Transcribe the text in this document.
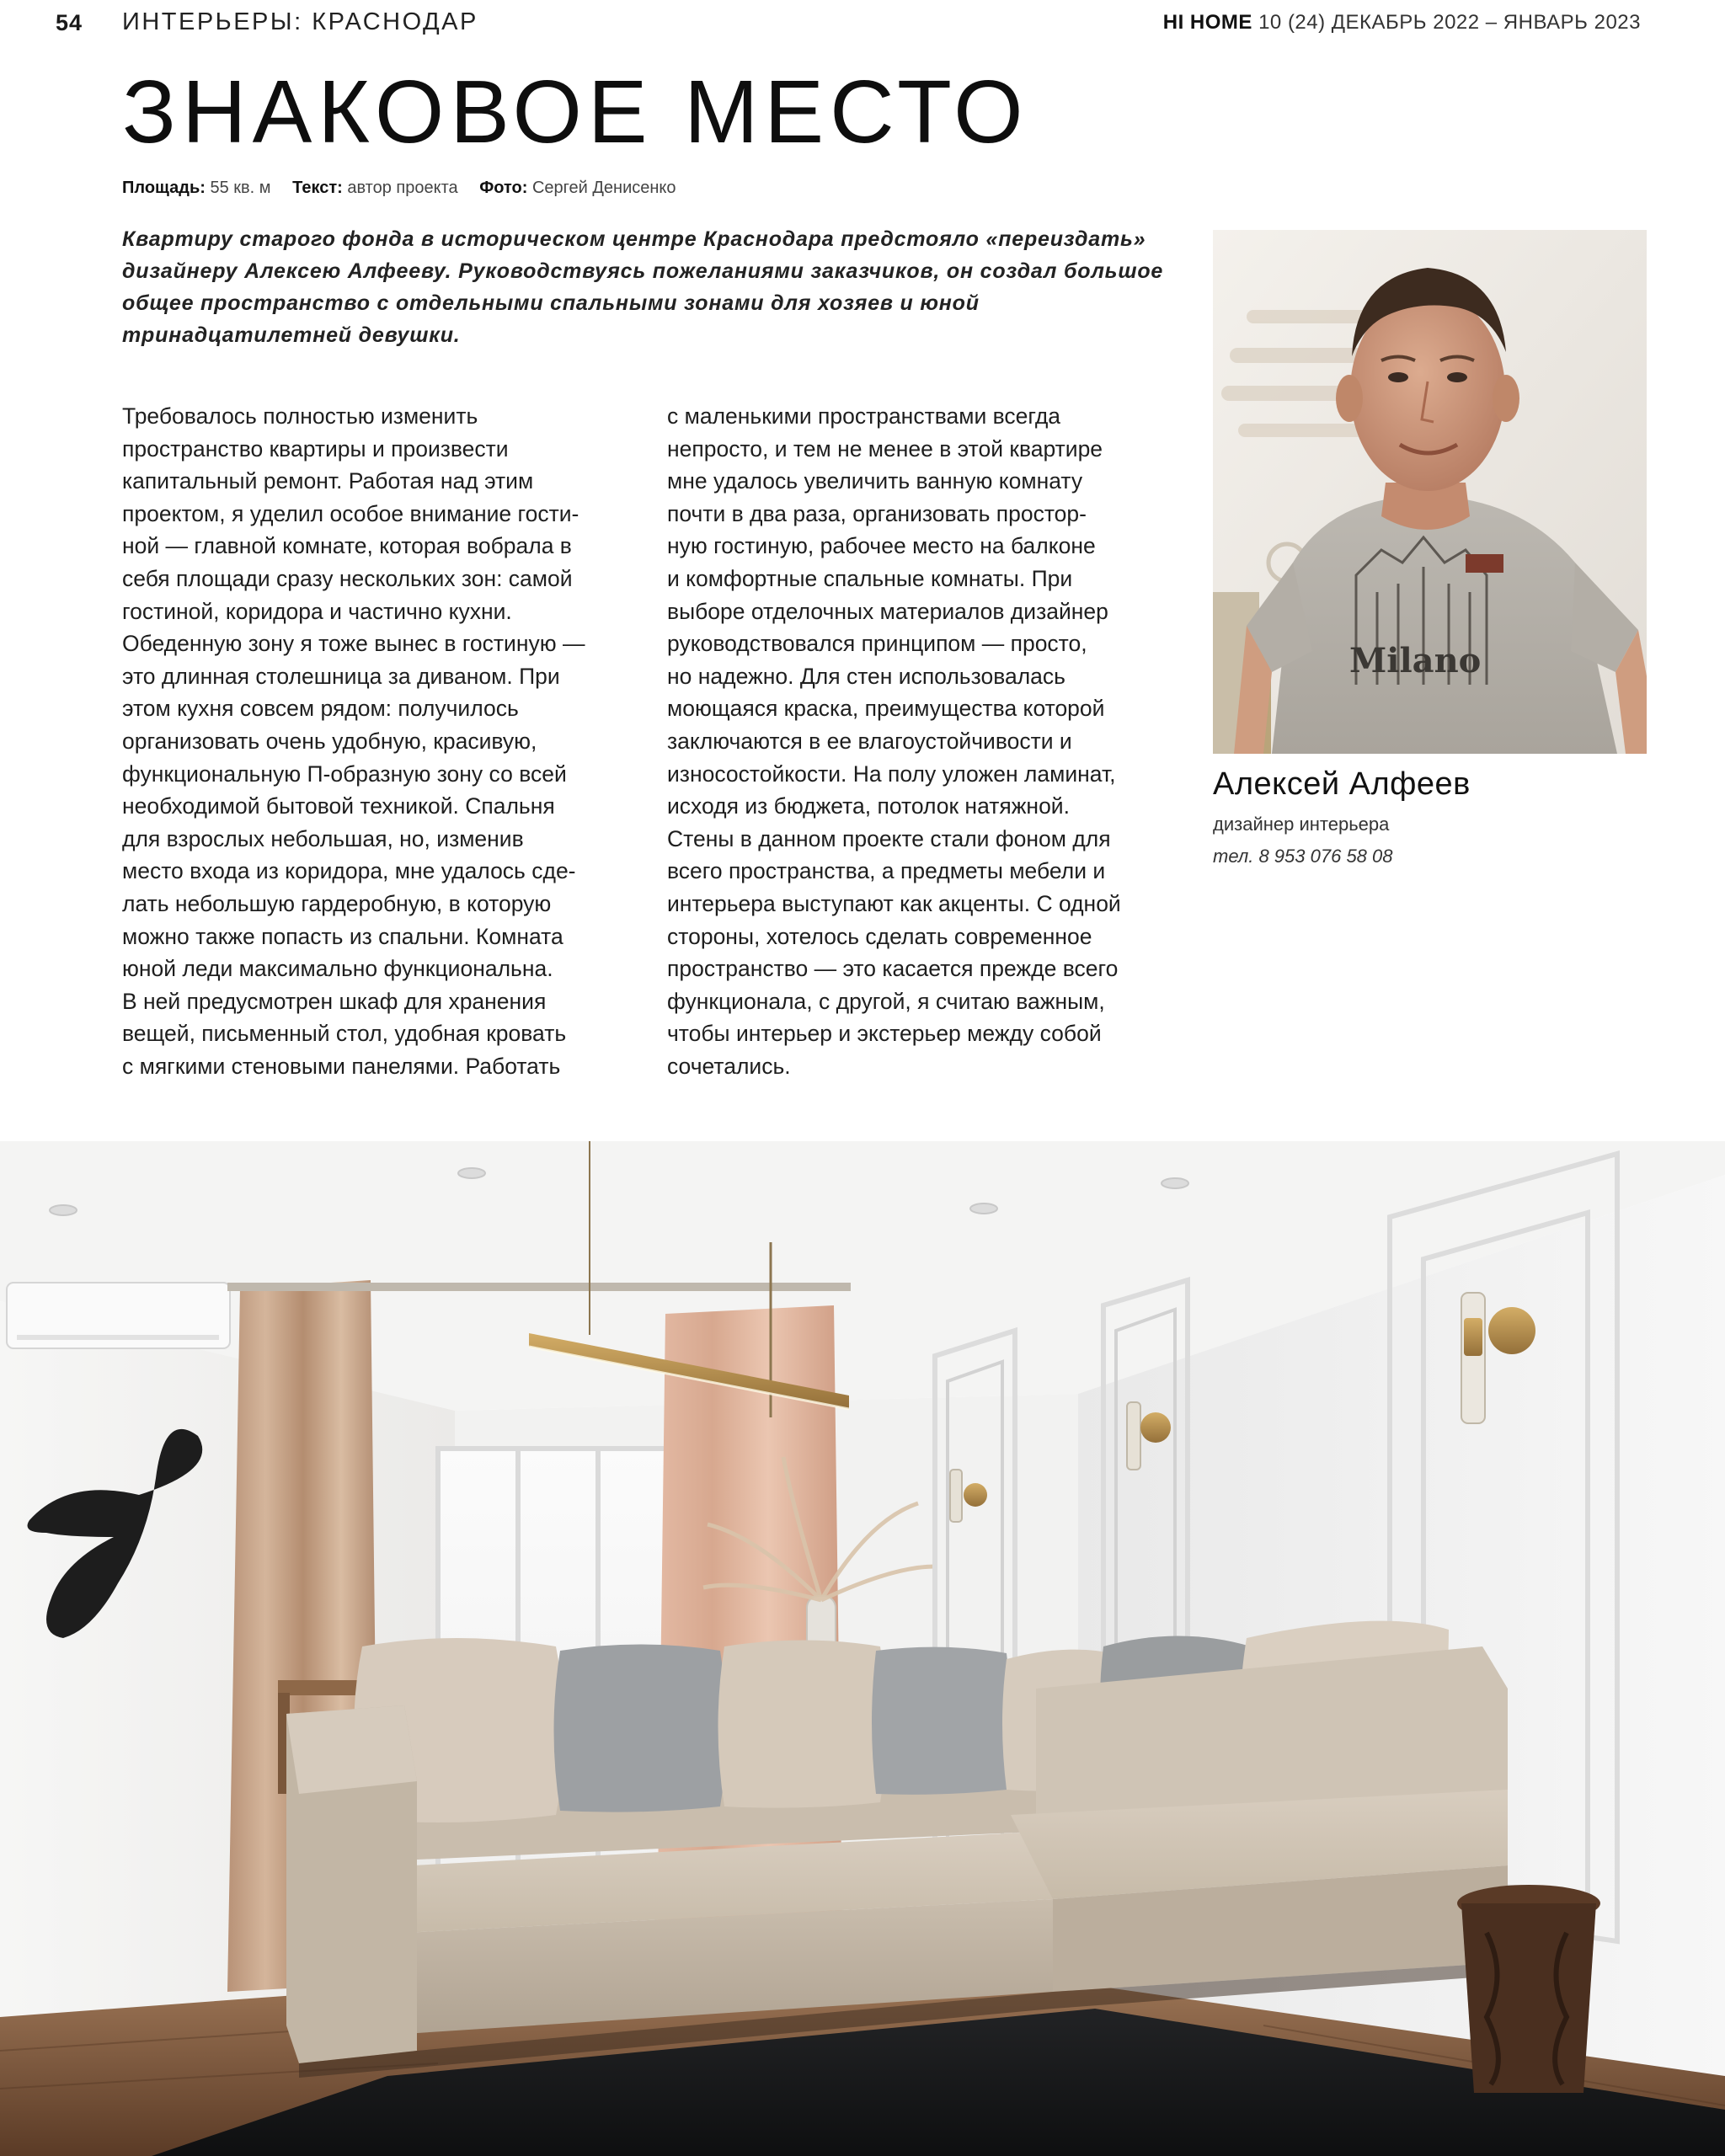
54 ИНТЕРЬЕРЫ: КРАСНОДАР	HI HOME 10 (24) ДЕКАБРЬ 2022 – ЯНВАРЬ 2023
ЗНАКОВОЕ МЕСТО
Площадь: 55 кв. м Текст: автор проекта Фото: Сергей Денисенко

Квартиру старого фонда в историческом центре Краснодара предстояло «переиздать» дизайнеру Алексею Алфееву. Руководствуясь пожеланиями заказчиков, он создал большое общее пространство с отдельными спальными зонами для хозяев и юной тринадцатилетней девушки.

Требовалось полностью изменить
пространство квартиры и произвести
капитальный ремонт. Работая над этим
проектом, я уделил особое внимание гости-
ной — главной комнате, которая вобрала в
себя площади сразу нескольких зон: самой
гостиной, коридора и частично кухни.
Обеденную зону я тоже вынес в гостиную —
это длинная столешница за диваном. При
этом кухня совсем рядом: получилось
организовать очень удобную, красивую,
функциональную П-образную зону со всей
необходимой бытовой техникой. Спальня
для взрослых небольшая, но, изменив
место входа из коридора, мне удалось сде-
лать небольшую гардеробную, в которую
можно также попасть из спальни. Комната
юной леди максимально функциональна.
В ней предусмотрен шкаф для хранения
вещей, письменный стол, удобная кровать
с мягкими стеновыми панелями. Работать
с маленькими пространствами всегда
непросто, и тем не менее в этой квартире
мне удалось увеличить ванную комнату
почти в два раза, организовать простор-
ную гостиную, рабочее место на балконе
и комфортные спальные комнаты. При
выборе отделочных материалов дизайнер
руководствовался принципом — просто,
но надежно. Для стен использовалась
моющаяся краска, преимущества которой
заключаются в ее влагоустойчивости и
износостойкости. На полу уложен ламинат,
исходя из бюджета, потолок натяжной.
Стены в данном проекте стали фоном для
всего пространства, а предметы мебели и
интерьера выступают как акценты. С одной
стороны, хотелось сделать современное
пространство — это касается прежде всего
функционала, с другой, я считаю важным,
чтобы интерьер и экстерьер между собой
сочетались.
Milano
Алексей Алфеев
дизайнер интерьера
тел. 8 953 076 58 08
